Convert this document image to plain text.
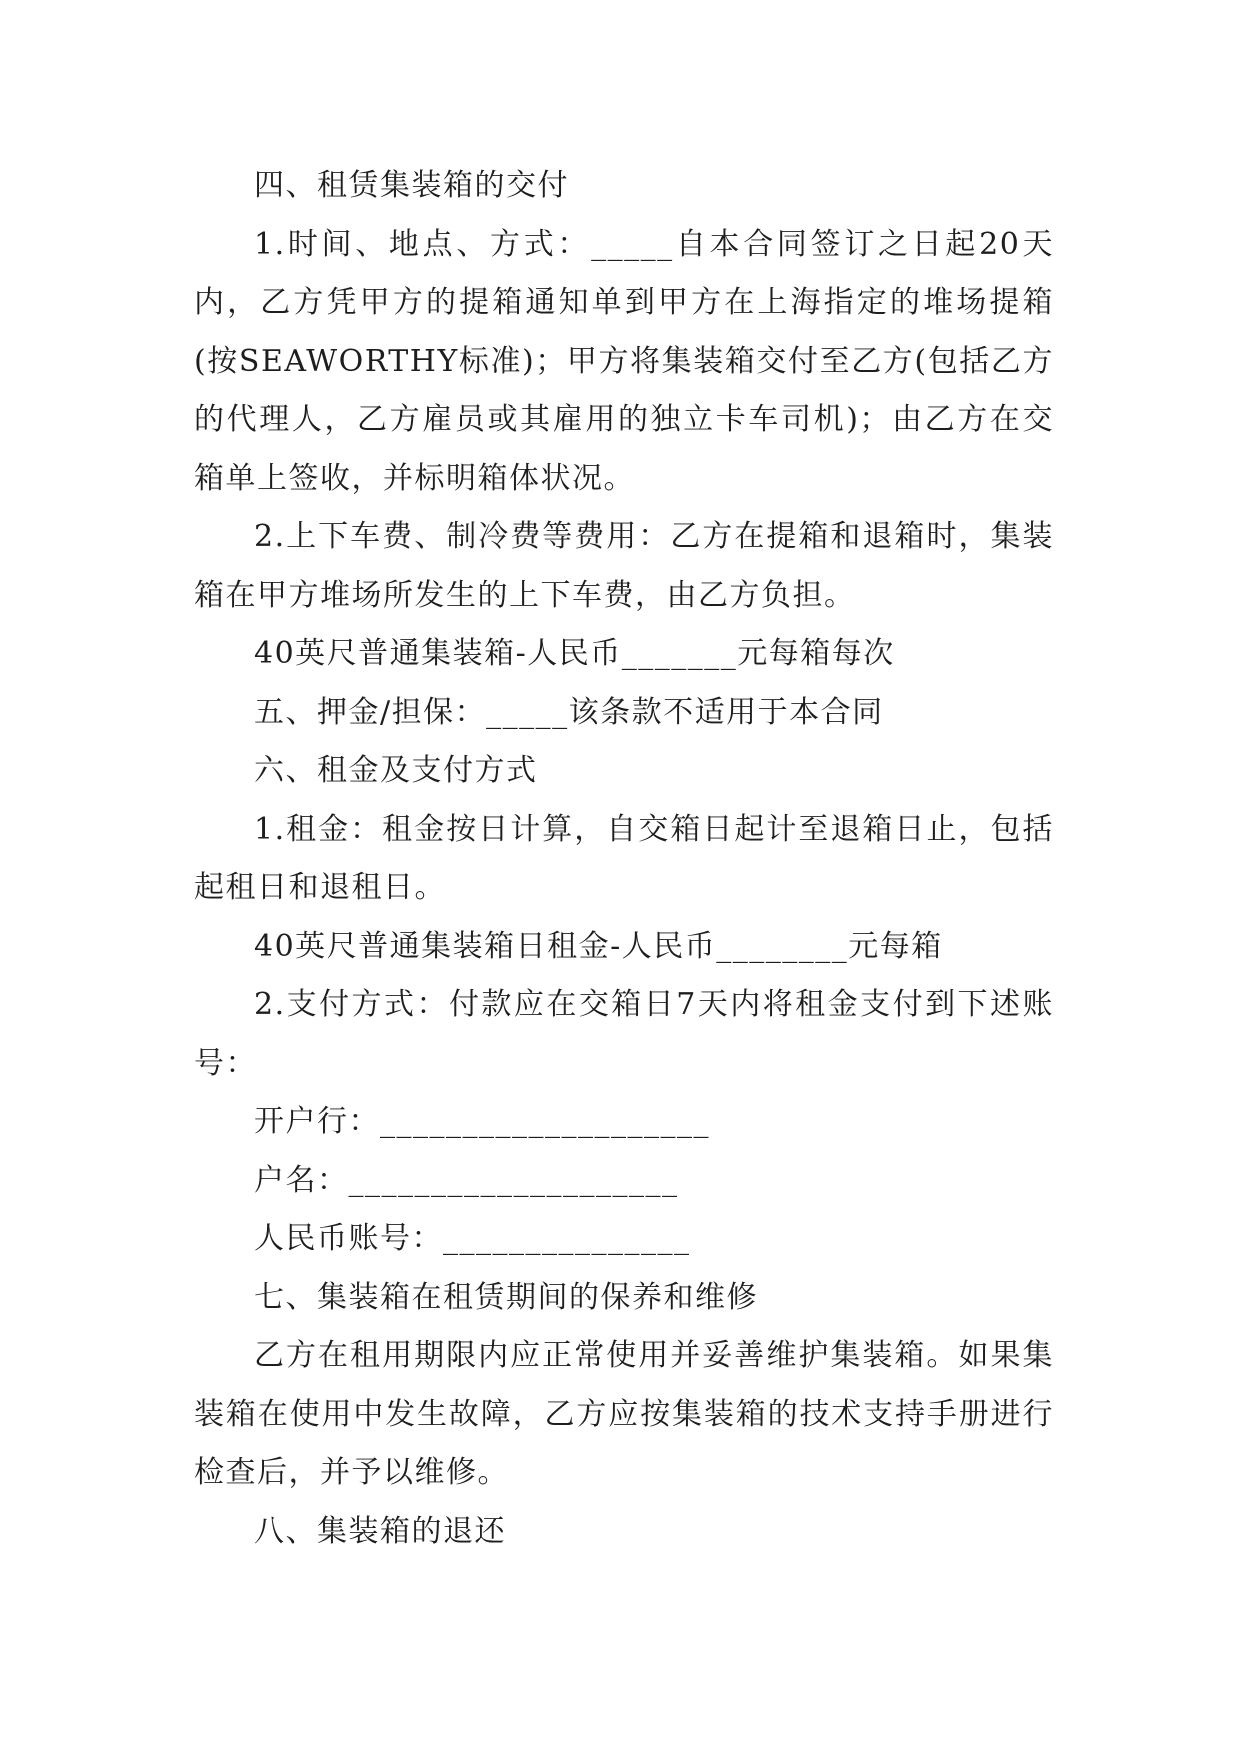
四、租赁集装箱的交付

1.时间、地点、方式：_____自本合同签订之日起20天内，乙方凭甲方的提箱通知单到甲方在上海指定的堆场提箱(按SEAWORTHY标准)；甲方将集装箱交付至乙方(包括乙方的代理人，乙方雇员或其雇用的独立卡车司机)；由乙方在交箱单上签收，并标明箱体状况。

2.上下车费、制冷费等费用：乙方在提箱和退箱时，集装箱在甲方堆场所发生的上下车费，由乙方负担。

40英尺普通集装箱-人民币_______元每箱每次

五、押金/担保：_____该条款不适用于本合同

六、租金及支付方式

1.租金：租金按日计算，自交箱日起计至退箱日止，包括起租日和退租日。

40英尺普通集装箱日租金-人民币________元每箱

2.支付方式：付款应在交箱日7天内将租金支付到下述账号：

开户行：____________________

户名：____________________

人民币账号：_______________

七、集装箱在租赁期间的保养和维修

乙方在租用期限内应正常使用并妥善维护集装箱。如果集装箱在使用中发生故障，乙方应按集装箱的技术支持手册进行检查后，并予以维修。

八、集装箱的退还
